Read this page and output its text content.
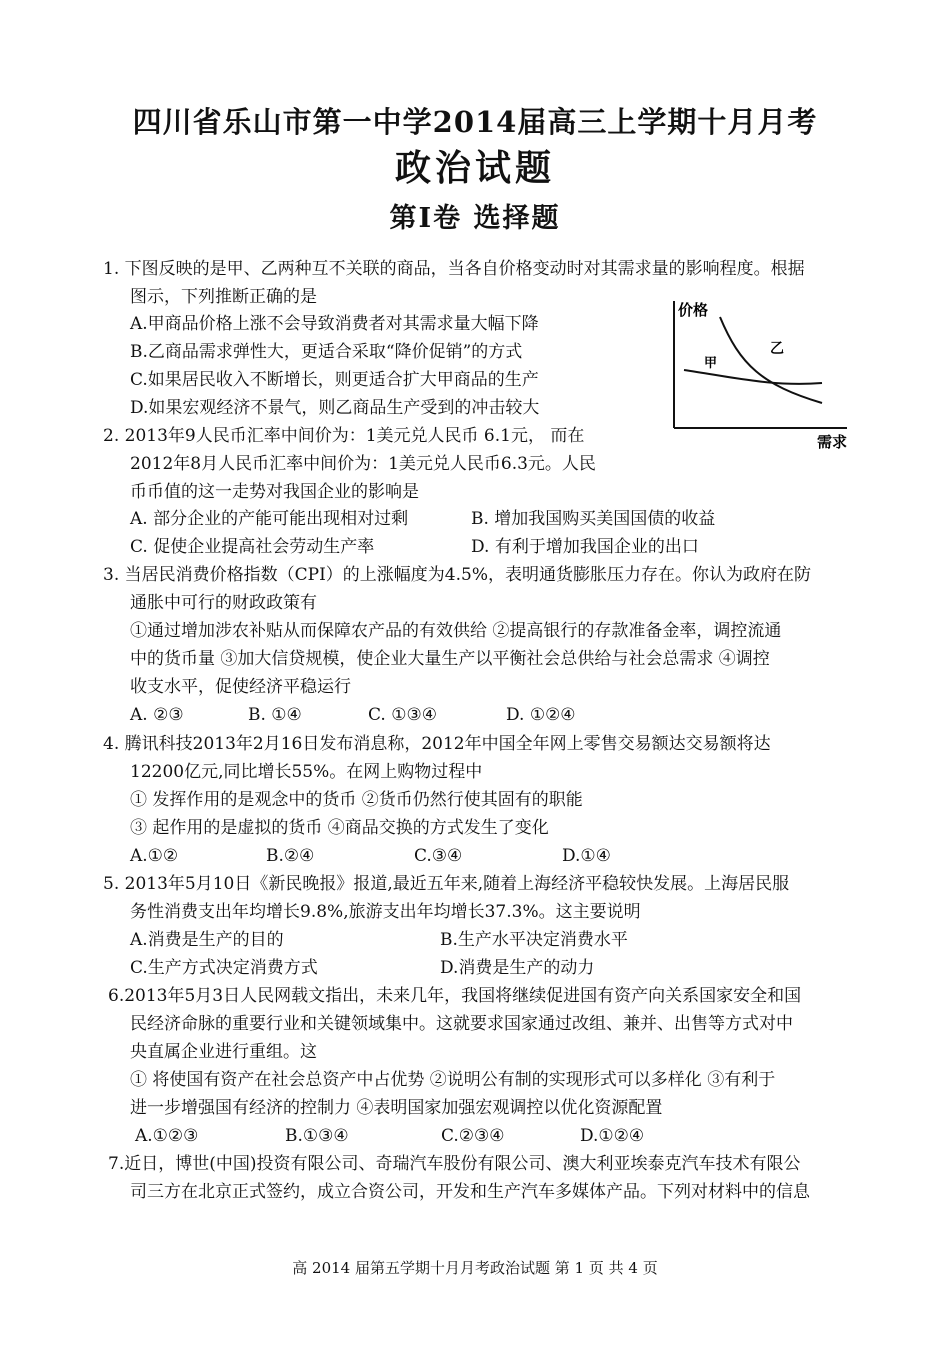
四川省乐山市第一中学2014届高三上学期十月月考
政治试题
第Ⅰ卷 选择题
1. 下图反映的是甲、乙两种互不关联的商品，当各自价格变动时对其需求量的影响程度。根据
图示，下列推断正确的是
A.甲商品价格上涨不会导致消费者对其需求量大幅下降
B.乙商品需求弹性大，更适合采取“降价促销”的方式
C.如果居民收入不断增长，则更适合扩大甲商品的生产
D.如果宏观经济不景气，则乙商品生产受到的冲击较大
价格
需求
甲
乙
2. 2013年9人民币汇率中间价为：1美元兑人民币 6.1元， 而在
2012年8月人民币汇率中间价为：1美元兑人民币6.3元。人民
币币值的这一走势对我国企业的影响是
A. 部分企业的产能可能出现相对过剩	B. 增加我国购买美国国债的收益
C. 促使企业提高社会劳动生产率	D. 有利于增加我国企业的出口
3. 当居民消费价格指数（CPI）的上涨幅度为4.5%，表明通货膨胀压力存在。你认为政府在防
通胀中可行的财政政策有
①通过增加涉农补贴从而保障农产品的有效供给 ②提高银行的存款准备金率，调控流通
中的货币量 ③加大信贷规模，使企业大量生产以平衡社会总供给与社会总需求 ④调控
收支水平，促使经济平稳运行
A. ②③	B. ①④	C. ①③④	D. ①②④
4. 腾讯科技2013年2月16日发布消息称，2012年中国全年网上零售交易额达交易额将达
12200亿元,同比增长55%。在网上购物过程中
① 发挥作用的是观念中的货币 ②货币仍然行使其固有的职能
③ 起作用的是虚拟的货币 ④商品交换的方式发生了变化
A.①②	B.②④	C.③④	D.①④
5. 2013年5月10日《新民晚报》报道,最近五年来,随着上海经济平稳较快发展。上海居民服
务性消费支出年均增长9.8%,旅游支出年均增长37.3%。这主要说明
A.消费是生产的目的	B.生产水平决定消费水平
C.生产方式决定消费方式	D.消费是生产的动力
6.2013年5月3日人民网载文指出，未来几年，我国将继续促进国有资产向关系国家安全和国
民经济命脉的重要行业和关键领域集中。这就要求国家通过改组、兼并、出售等方式对中
央直属企业进行重组。这
① 将使国有资产在社会总资产中占优势 ②说明公有制的实现形式可以多样化 ③有利于
进一步增强国有经济的控制力 ④表明国家加强宏观调控以优化资源配置
A.①②③	B.①③④	C.②③④	D.①②④
7.近日，博世(中国)投资有限公司、奇瑞汽车股份有限公司、澳大利亚埃泰克汽车技术有限公
司三方在北京正式签约，成立合资公司，开发和生产汽车多媒体产品。下列对材料中的信息
高 2014 届第五学期十月月考政治试题 第 1 页 共 4 页
